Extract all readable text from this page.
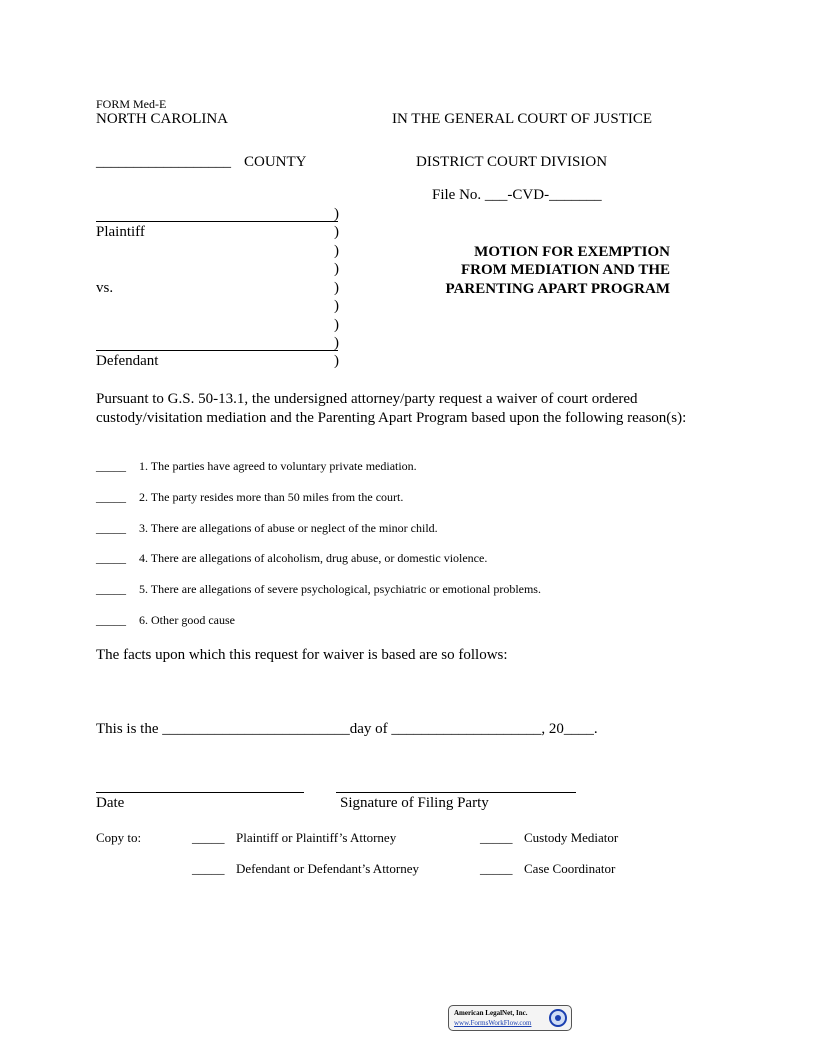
FORM Med-E
NORTH CAROLINA	IN THE GENERAL COURT OF JUSTICE
__________________ COUNTY	DISTRICT COURT DIVISION
File No. ___-CVD-_______
Plaintiff
vs.
Defendant
)
)
)
)
)
)
)
)
)
MOTION FOR EXEMPTION
FROM MEDIATION AND THE
PARENTING APART PROGRAM
Pursuant to G.S. 50-13.1, the undersigned attorney/party request a waiver of court ordered custody/visitation mediation and the Parenting Apart Program based upon the following reason(s):
_____ 1. The parties have agreed to voluntary private mediation.
_____ 2. The party resides more than 50 miles from the court.
_____ 3. There are allegations of abuse or neglect of the minor child.
_____ 4. There are allegations of alcoholism, drug abuse, or domestic violence.
_____ 5. There are allegations of severe psychological, psychiatric or emotional problems.
_____ 6. Other good cause
The facts upon which this request for waiver is based are so follows:
This is the _________________________day of ____________________, 20____.
Date	Signature of Filing Party
Copy to:	_____ Plaintiff or Plaintiff’s Attorney	_____ Custody Mediator
_____ Defendant or Defendant’s Attorney	_____ Case Coordinator
American LegalNet, Inc.
www.FormsWorkFlow.com
